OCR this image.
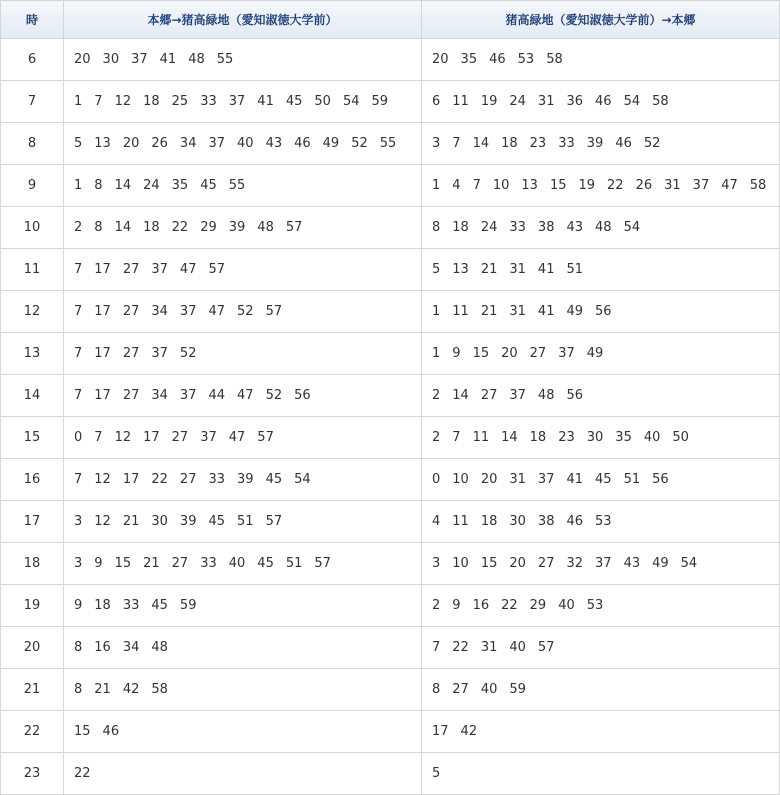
時	本郷→猪高緑地（愛知淑徳大学前）	猪高緑地（愛知淑徳大学前）→本郷
6	20 30 37 41 48 55	20 35 46 53 58
7	1 7 12 18 25 33 37 41 45 50 54 59	6 11 19 24 31 36 46 54 58
8	5 13 20 26 34 37 40 43 46 49 52 55	3 7 14 18 23 33 39 46 52
9	1 8 14 24 35 45 55	1 4 7 10 13 15 19 22 26 31 37 47 58
10	2 8 14 18 22 29 39 48 57	8 18 24 33 38 43 48 54
11	7 17 27 37 47 57	5 13 21 31 41 51
12	7 17 27 34 37 47 52 57	1 11 21 31 41 49 56
13	7 17 27 37 52	1 9 15 20 27 37 49
14	7 17 27 34 37 44 47 52 56	2 14 27 37 48 56
15	0 7 12 17 27 37 47 57	2 7 11 14 18 23 30 35 40 50
16	7 12 17 22 27 33 39 45 54	0 10 20 31 37 41 45 51 56
17	3 12 21 30 39 45 51 57	4 11 18 30 38 46 53
18	3 9 15 21 27 33 40 45 51 57	3 10 15 20 27 32 37 43 49 54
19	9 18 33 45 59	2 9 16 22 29 40 53
20	8 16 34 48	7 22 31 40 57
21	8 21 42 58	8 27 40 59
22	15 46	17 42
23	22	5
